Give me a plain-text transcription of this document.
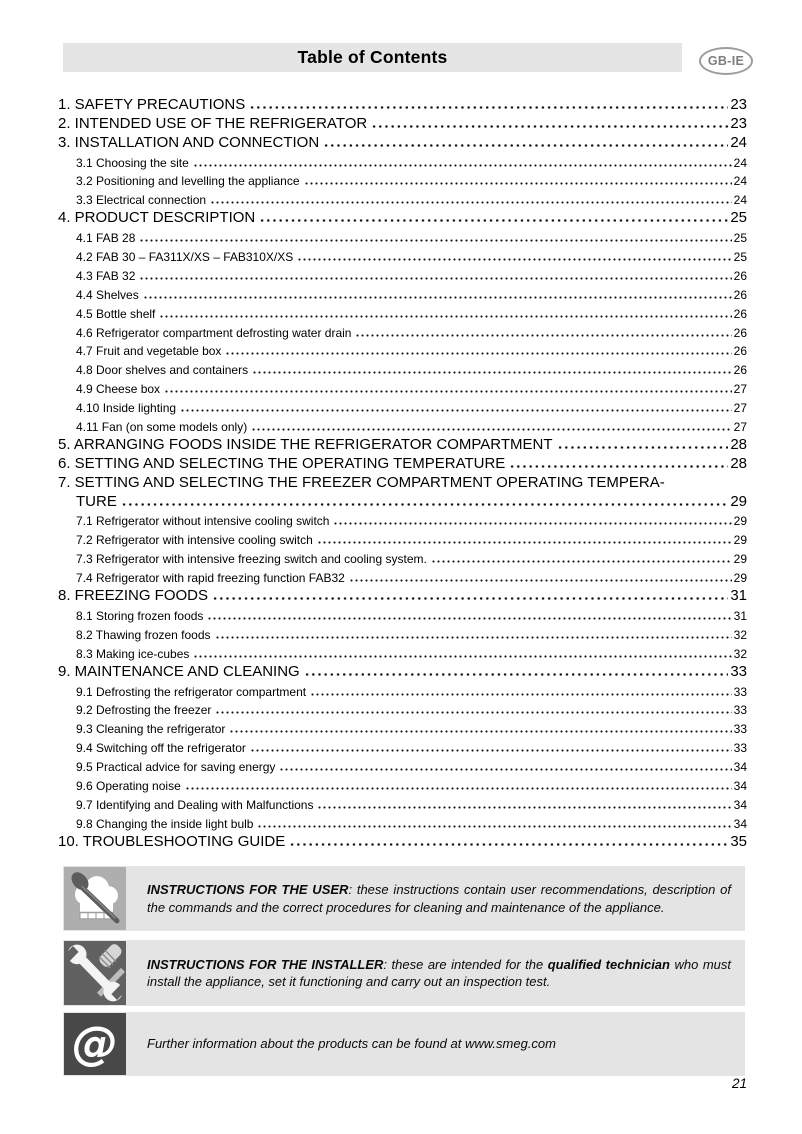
Table of Contents	GB-IE
1. SAFETY PRECAUTIONS	23
2. INTENDED USE OF THE REFRIGERATOR	23
3. INSTALLATION AND CONNECTION	24
3.1 Choosing the site	24
3.2 Positioning and levelling the appliance	24
3.3 Electrical connection	24
4. PRODUCT DESCRIPTION	25
4.1 FAB 28	25
4.2 FAB 30 – FA311X/XS – FAB310X/XS	25
4.3 FAB 32	26
4.4 Shelves	26
4.5 Bottle shelf	26
4.6 Refrigerator compartment defrosting water drain	26
4.7 Fruit and vegetable box	26
4.8 Door shelves and containers	26
4.9 Cheese box	27
4.10 Inside lighting	27
4.11 Fan (on some models only)	27
5. ARRANGING FOODS INSIDE THE REFRIGERATOR COMPARTMENT	28
6. SETTING AND SELECTING THE OPERATING TEMPERATURE	28
7. SETTING AND SELECTING THE FREEZER COMPARTMENT OPERATING TEMPERA-
TURE	29
7.1 Refrigerator without intensive cooling switch	29
7.2 Refrigerator with intensive cooling switch	29
7.3 Refrigerator with intensive freezing switch and cooling system.	29
7.4 Refrigerator with rapid freezing function FAB32	29
8. FREEZING FOODS	31
8.1 Storing frozen foods	31
8.2 Thawing frozen foods	32
8.3 Making ice-cubes	32
9. MAINTENANCE AND CLEANING	33
9.1 Defrosting the refrigerator compartment	33
9.2 Defrosting the freezer	33
9.3 Cleaning the refrigerator	33
9.4 Switching off the refrigerator	33
9.5 Practical advice for saving energy	34
9.6 Operating noise	34
9.7 Identifying and Dealing with Malfunctions	34
9.8 Changing the inside light bulb	34
10. TROUBLESHOOTING GUIDE	35

INSTRUCTIONS FOR THE USER: these instructions contain user recommendations, description of the commands and the correct procedures for cleaning and maintenance of the appliance.

INSTRUCTIONS FOR THE INSTALLER: these are intended for the qualified technician who must install the appliance, set it functioning and carry out an inspection test.

@ Further information about the products can be found at www.smeg.com

21
